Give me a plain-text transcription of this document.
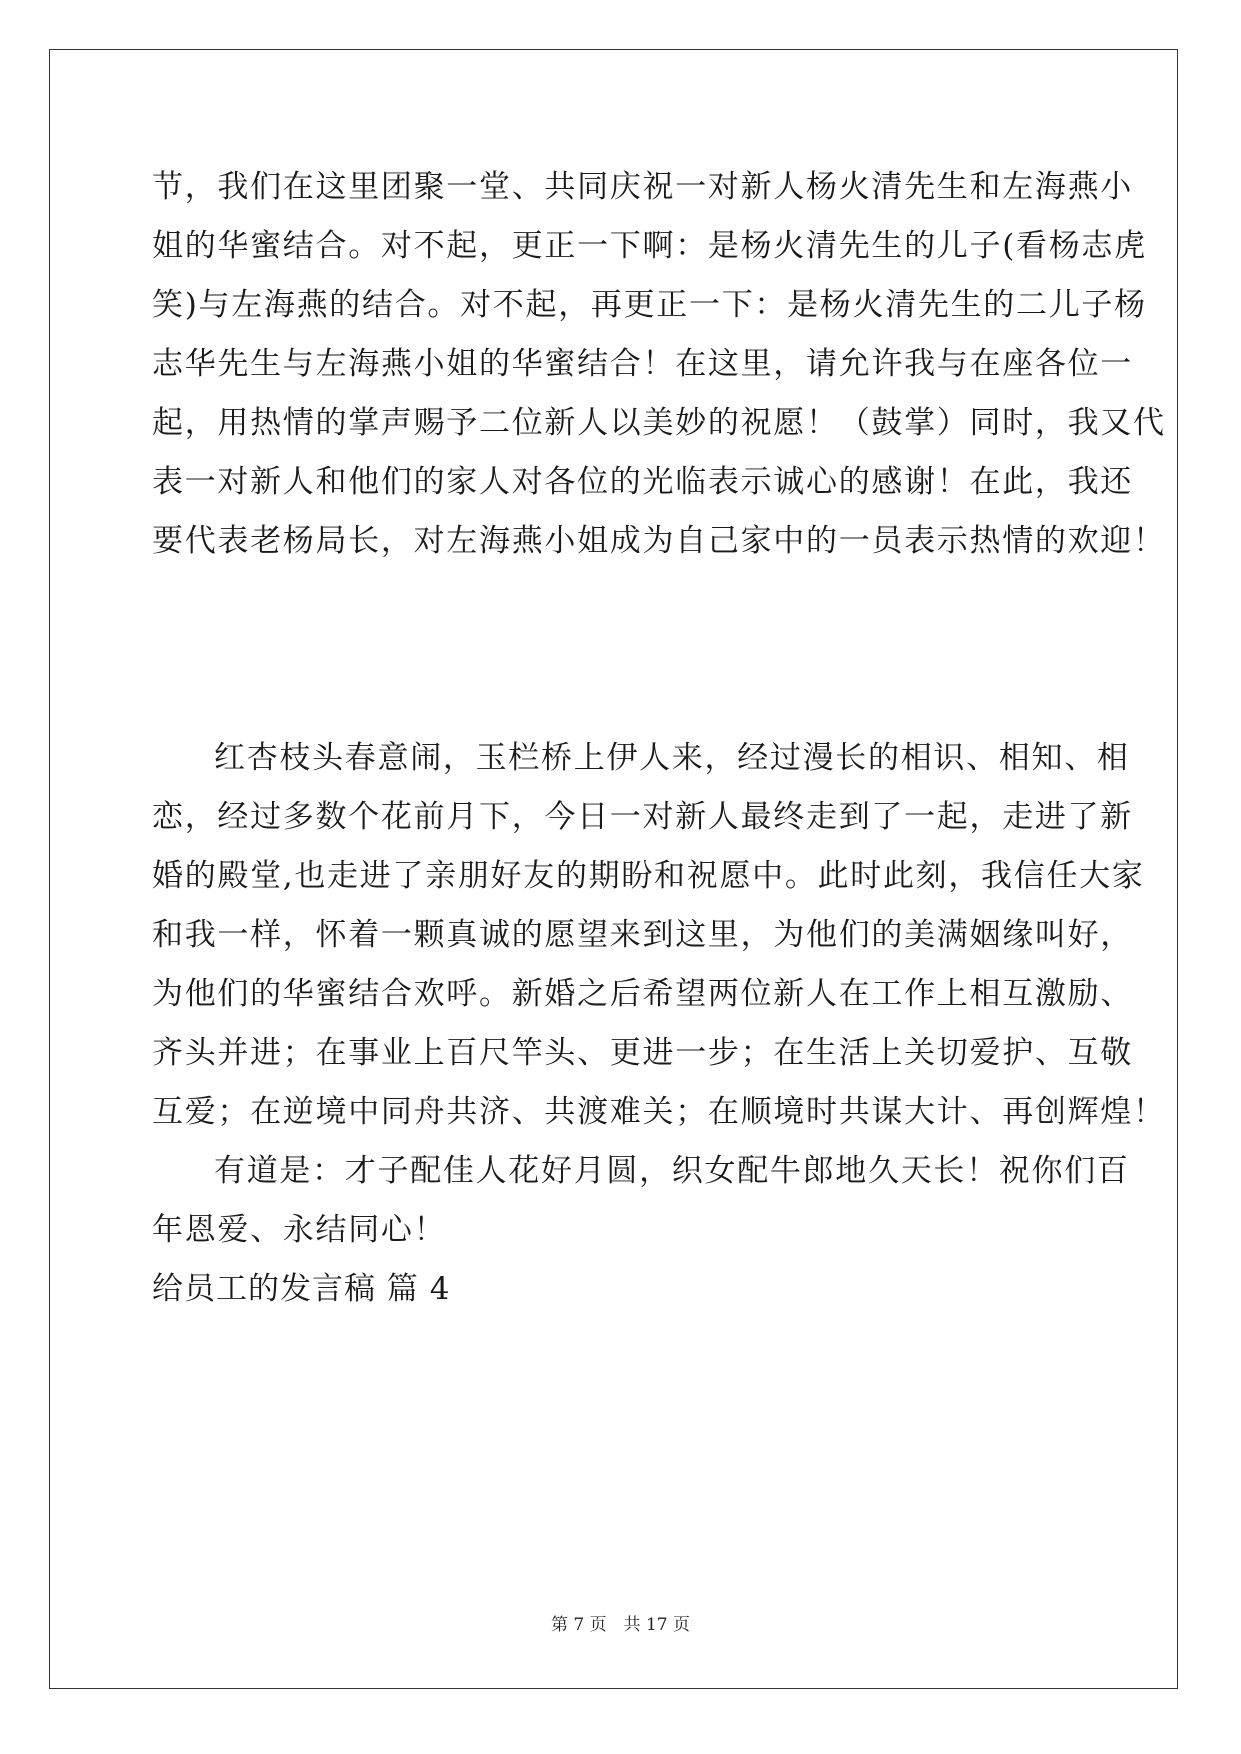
节，我们在这里团聚一堂、共同庆祝一对新人杨火清先生和左海燕小
姐的华蜜结合。对不起，更正一下啊：是杨火清先生的儿子(看杨志虎
笑)与左海燕的结合。对不起，再更正一下：是杨火清先生的二儿子杨
志华先生与左海燕小姐的华蜜结合！在这里，请允许我与在座各位一
起，用热情的掌声赐予二位新人以美妙的祝愿！（鼓掌）同时，我又代
表一对新人和他们的家人对各位的光临表示诚心的感谢！在此，我还
要代表老杨局长，对左海燕小姐成为自己家中的一员表示热情的欢迎！
红杏枝头春意闹，玉栏桥上伊人来，经过漫长的相识、相知、相
恋，经过多数个花前月下，今日一对新人最终走到了一起，走进了新
婚的殿堂,也走进了亲朋好友的期盼和祝愿中。此时此刻，我信任大家
和我一样，怀着一颗真诚的愿望来到这里，为他们的美满姻缘叫好，
为他们的华蜜结合欢呼。新婚之后希望两位新人在工作上相互激励、
齐头并进；在事业上百尺竿头、更进一步；在生活上关切爱护、互敬
互爱；在逆境中同舟共济、共渡难关；在顺境时共谋大计、再创辉煌！
有道是：才子配佳人花好月圆，织女配牛郎地久天长！祝你们百
年恩爱、永结同心！
给员工的发言稿 篇 4
第 7 页　共 17 页
